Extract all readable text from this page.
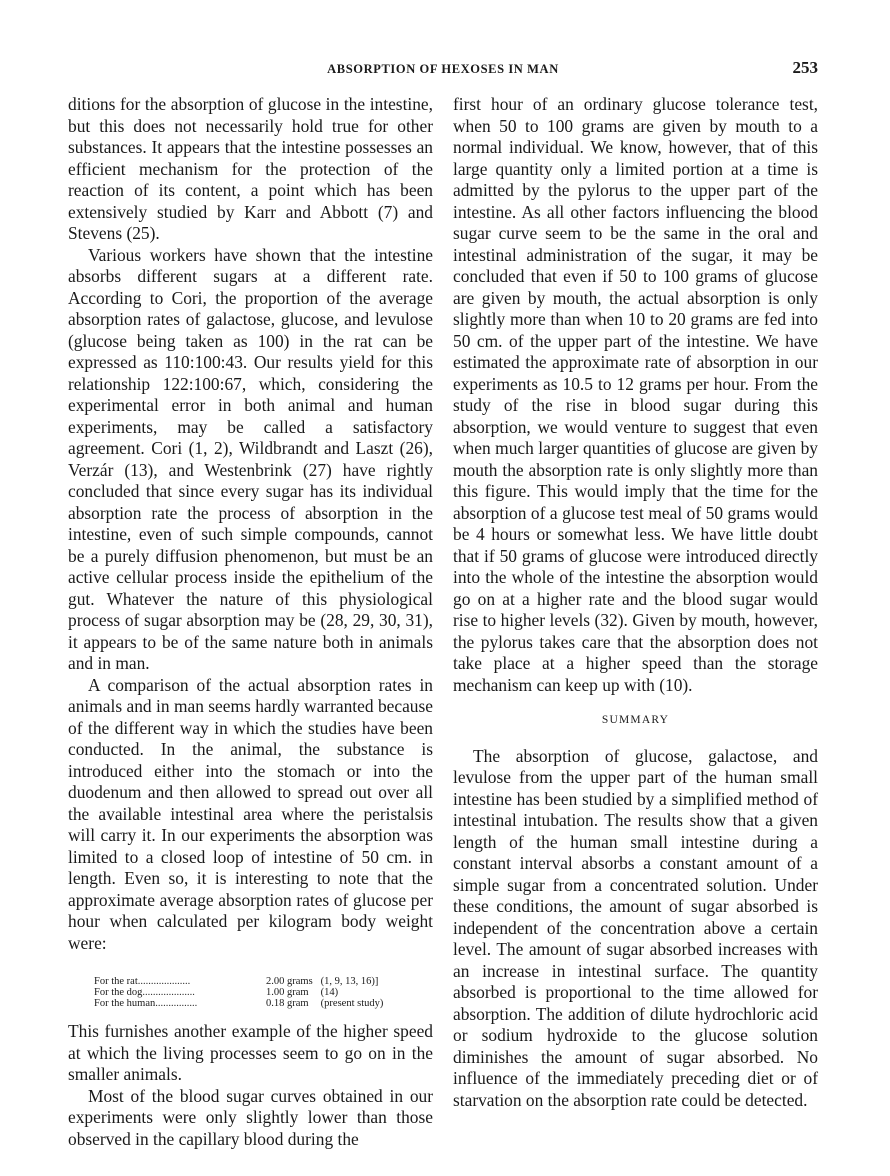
ABSORPTION OF HEXOSES IN MAN	253

ditions for the absorption of glucose in the intestine, but this does not necessarily hold true for other substances. It appears that the intestine possesses an efficient mechanism for the protection of the reaction of its content, a point which has been extensively studied by Karr and Abbott (7) and Stevens (25).

Various workers have shown that the intestine absorbs different sugars at a different rate. According to Cori, the proportion of the average absorption rates of galactose, glucose, and levulose (glucose being taken as 100) in the rat can be expressed as 110:100:43. Our results yield for this relationship 122:100:67, which, considering the experimental error in both animal and human experiments, may be called a satisfactory agreement. Cori (1, 2), Wildbrandt and Laszt (26), Verzár (13), and Westenbrink (27) have rightly concluded that since every sugar has its individual absorption rate the process of absorption in the intestine, even of such simple compounds, cannot be a purely diffusion phenomenon, but must be an active cellular process inside the epithelium of the gut. Whatever the nature of this physiological process of sugar absorption may be (28, 29, 30, 31), it appears to be of the same nature both in animals and in man.

A comparison of the actual absorption rates in animals and in man seems hardly warranted because of the different way in which the studies have been conducted. In the animal, the substance is introduced either into the stomach or into the duodenum and then allowed to spread out over all the available intestinal area where the peristalsis will carry it. In our experiments the absorption was limited to a closed loop of intestine of 50 cm. in length. Even so, it is interesting to note that the approximate average absorption rates of glucose per hour when calculated per kilogram body weight were:

For the rat....................	2.00 grams	(1, 9, 13, 16)]
For the dog....................	1.00 gram	(14)
For the human................	0.18 gram	(present study)

This furnishes another example of the higher speed at which the living processes seem to go on in the smaller animals.

Most of the blood sugar curves obtained in our experiments were only slightly lower than those observed in the capillary blood during the

first hour of an ordinary glucose tolerance test, when 50 to 100 grams are given by mouth to a normal individual. We know, however, that of this large quantity only a limited portion at a time is admitted by the pylorus to the upper part of the intestine. As all other factors influencing the blood sugar curve seem to be the same in the oral and intestinal administration of the sugar, it may be concluded that even if 50 to 100 grams of glucose are given by mouth, the actual absorption is only slightly more than when 10 to 20 grams are fed into 50 cm. of the upper part of the intestine. We have estimated the approximate rate of absorption in our experiments as 10.5 to 12 grams per hour. From the study of the rise in blood sugar during this absorption, we would venture to suggest that even when much larger quantities of glucose are given by mouth the absorption rate is only slightly more than this figure. This would imply that the time for the absorption of a glucose test meal of 50 grams would be 4 hours or somewhat less. We have little doubt that if 50 grams of glucose were introduced directly into the whole of the intestine the absorption would go on at a higher rate and the blood sugar would rise to higher levels (32). Given by mouth, however, the pylorus takes care that the absorption does not take place at a higher speed than the storage mechanism can keep up with (10).

SUMMARY

The absorption of glucose, galactose, and levulose from the upper part of the human small intestine has been studied by a simplified method of intestinal intubation. The results show that a given length of the human small intestine during a constant interval absorbs a constant amount of a simple sugar from a concentrated solution. Under these conditions, the amount of sugar absorbed is independent of the concentration above a certain level. The amount of sugar absorbed increases with an increase in intestinal surface. The quantity absorbed is proportional to the time allowed for absorption. The addition of dilute hydrochloric acid or sodium hydroxide to the glucose solution diminishes the amount of sugar absorbed. No influence of the immediately preceding diet or of starvation on the absorption rate could be detected.
